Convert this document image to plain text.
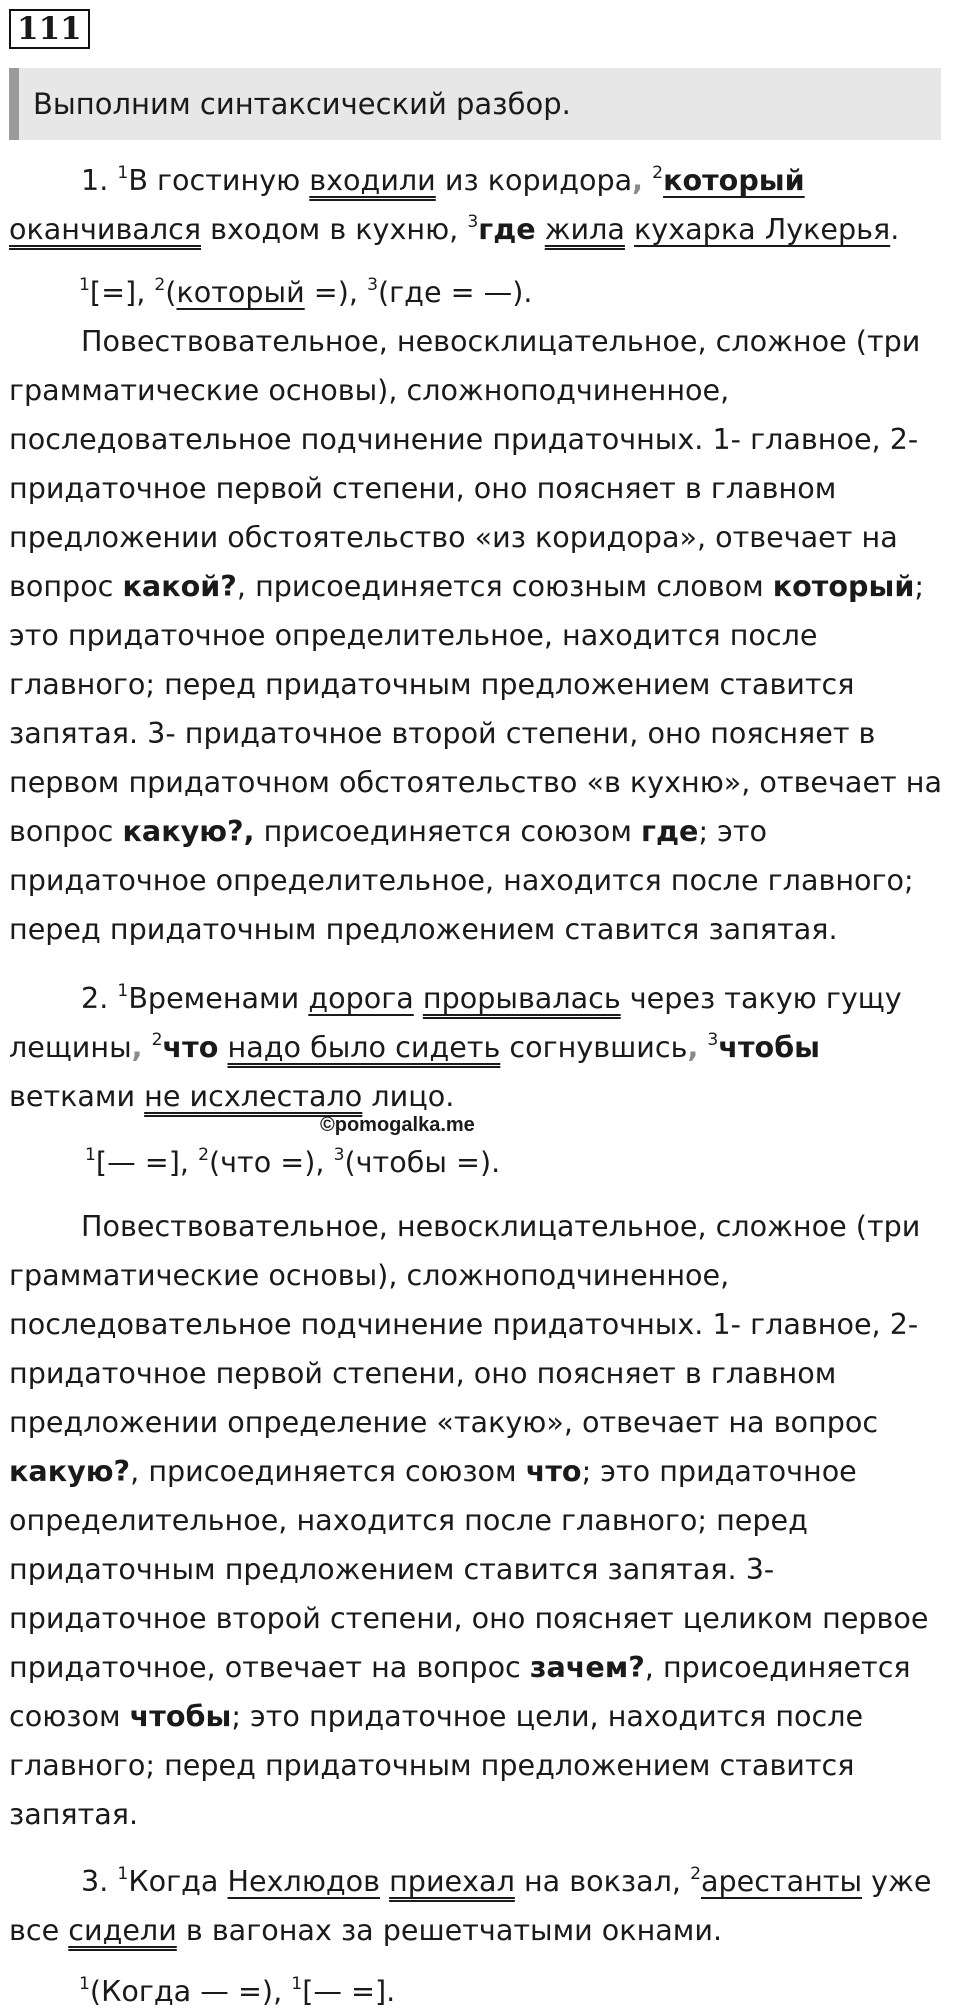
111
Выполним синтаксический разбор.

1. $^1$В гостиную входили из коридора, $^2$который оканчивался входом в кухню, $^3$где жила кухарка Лукерья.

$^1$[=], $^2$(который =), $^3$(где = —).

Повествовательное, невосклицательное, сложное (три грамматические основы), сложноподчиненное, последовательное подчинение придаточных. 1- главное, 2-придаточное первой степени, оно поясняет в главном предложении обстоятельство «из коридора», отвечает на вопрос какой?, присоединяется союзным словом который; это придаточное определительное, находится после главного; перед придаточным предложением ставится запятая. 3- придаточное второй степени, оно поясняет в первом придаточном обстоятельство «в кухню», отвечает на вопрос какую?, присоединяется союзом где; это придаточное определительное, находится после главного; перед придаточным предложением ставится запятая.

2. $^1$Временами дорога прорывалась через такую гущу лещины, $^2$что надо было сидеть согнувшись, $^3$чтобы ветками не исхлестало лицо.

©pomogalka.me

$^1$[— =], $^2$(что =), $^3$(чтобы =).

Повествовательное, невосклицательное, сложное (три грамматические основы), сложноподчиненное, последовательное подчинение придаточных. 1- главное, 2-придаточное первой степени, оно поясняет в главном предложении определение «такую», отвечает на вопрос какую?, присоединяется союзом что; это придаточное определительное, находится после главного; перед придаточным предложением ставится запятая. 3-придаточное второй степени, оно поясняет целиком первое придаточное, отвечает на вопрос зачем?, присоединяется союзом чтобы; это придаточное цели, находится после главного; перед придаточным предложением ставится запятая.

3. $^1$Когда Нехлюдов приехал на вокзал, $^2$арестанты уже все сидели в вагонах за решетчатыми окнами.

$^1$(Когда — =), $^1$[— =].
